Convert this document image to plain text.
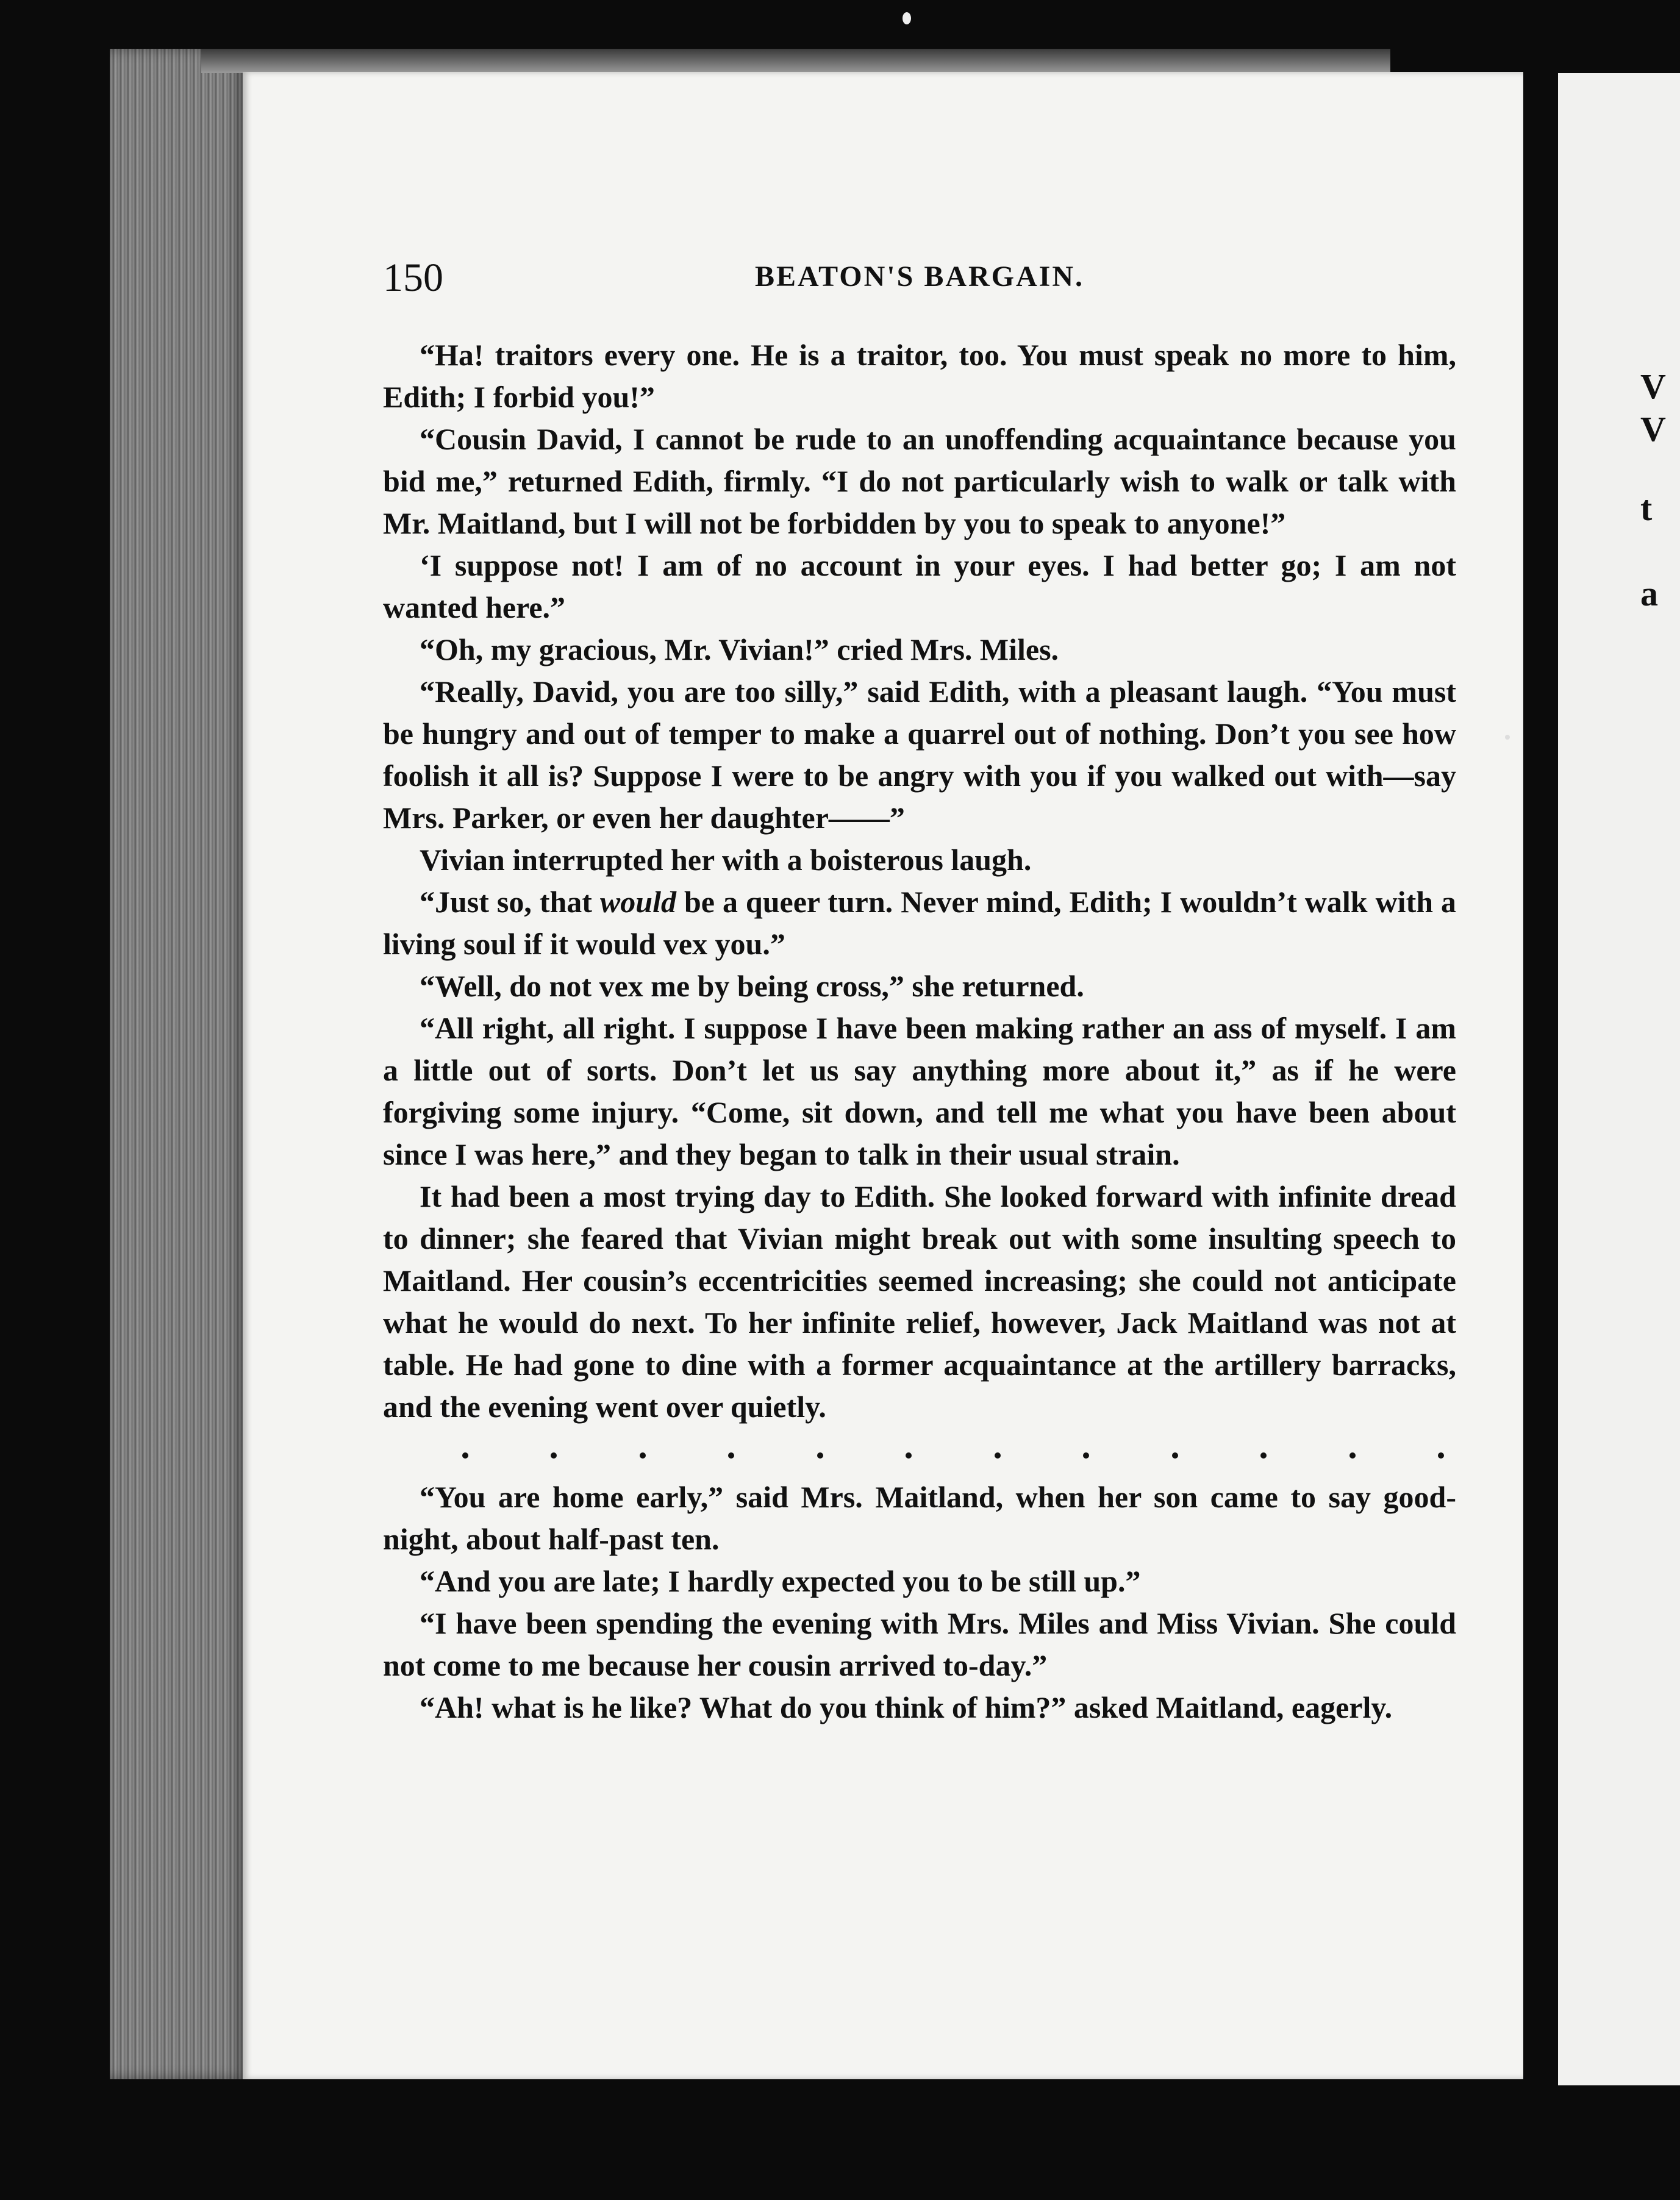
V
V
t
a
150	BEATON'S BARGAIN.

“Ha! traitors every one. He is a traitor, too. You must speak no more to him, Edith; I forbid you!”

“Cousin David, I cannot be rude to an unoffending acquaintance because you bid me,” returned Edith, firmly. “I do not particularly wish to walk or talk with Mr. Maitland, but I will not be forbidden by you to speak to anyone!”

‘I suppose not! I am of no account in your eyes. I had better go; I am not wanted here.”

“Oh, my gracious, Mr. Vivian!” cried Mrs. Miles.

“Really, David, you are too silly,” said Edith, with a pleasant laugh. “You must be hungry and out of temper to make a quarrel out of nothing. Don’t you see how foolish it all is? Suppose I were to be angry with you if you walked out with—say Mrs. Parker, or even her daughter——”

Vivian interrupted her with a boisterous laugh.

“Just so, that would be a queer turn. Never mind, Edith; I wouldn’t walk with a living soul if it would vex you.”

“Well, do not vex me by being cross,” she returned.

“All right, all right. I suppose I have been making rather an ass of myself. I am a little out of sorts. Don’t let us say anything more about it,” as if he were forgiving some injury. “Come, sit down, and tell me what you have been about since I was here,” and they began to talk in their usual strain.

It had been a most trying day to Edith. She looked forward with infinite dread to dinner; she feared that Vivian might break out with some insulting speech to Maitland. Her cousin’s eccentricities seemed increasing; she could not anticipate what he would do next. To her infinite relief, however, Jack Maitland was not at table. He had gone to dine with a former acquaintance at the artillery barracks, and the evening went over quietly.

“You are home early,” said Mrs. Maitland, when her son came to say good-night, about half-past ten.

“And you are late; I hardly expected you to be still up.”

“I have been spending the evening with Mrs. Miles and Miss Vivian. She could not come to me because her cousin arrived to-day.”

“Ah! what is he like? What do you think of him?” asked Maitland, eagerly.
